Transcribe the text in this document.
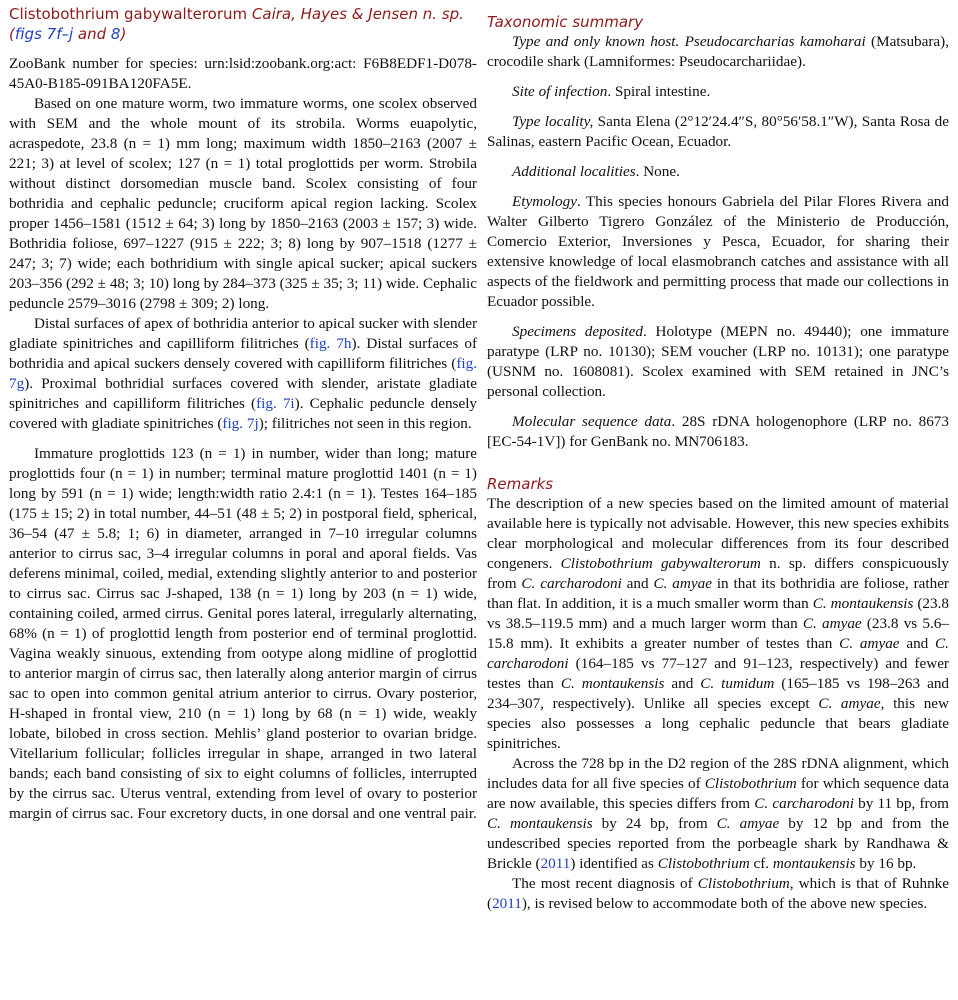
Clistobothrium gabywalterorum Caira, Hayes & Jensen n. sp.
(figs 7f–j and 8)

ZooBank number for species: urn:lsid:zoobank.org:act: F6B8EDF1-D078-45A0-B185-091BA120FA5E.

Based on one mature worm, two immature worms, one scolex observed with SEM and the whole mount of its strobila. Worms euapolytic, acraspedote, 23.8 (n = 1) mm long; maximum width 1850–2163 (2007 ± 221; 3) at level of scolex; 127 (n = 1) total proglottids per worm. Strobila without distinct dorsomedian muscle band. Scolex consisting of four bothridia and cephalic peduncle; cruciform apical region lacking. Scolex proper 1456–1581 (1512 ± 64; 3) long by 1850–2163 (2003 ± 157; 3) wide. Bothridia foliose, 697–1227 (915 ± 222; 3; 8) long by 907–1518 (1277 ± 247; 3; 7) wide; each bothridium with single apical sucker; apical suckers 203–356 (292 ± 48; 3; 10) long by 284–373 (325 ± 35; 3; 11) wide. Cephalic peduncle 2579–3016 (2798 ± 309; 2) long.

Distal surfaces of apex of bothridia anterior to apical sucker with slender gladiate spinitriches and capilliform filitriches (fig. 7h). Distal surfaces of bothridia and apical suckers densely covered with capilliform filitriches (fig. 7g). Proximal bothridial surfaces covered with slender, aristate gladiate spinitriches and capilliform filitriches (fig. 7i). Cephalic peduncle densely covered with gladiate spinitriches (fig. 7j); filitriches not seen in this region.

Immature proglottids 123 (n = 1) in number, wider than long; mature proglottids four (n = 1) in number; terminal mature proglottid 1401 (n = 1) long by 591 (n = 1) wide; length:width ratio 2.4:1 (n = 1). Testes 164–185 (175 ± 15; 2) in total number, 44–51 (48 ± 5; 2) in postporal field, spherical, 36–54 (47 ± 5.8; 1; 6) in diameter, arranged in 7–10 irregular columns anterior to cirrus sac, 3–4 irregular columns in poral and aporal fields. Vas deferens minimal, coiled, medial, extending slightly anterior to and posterior to cirrus sac. Cirrus sac J-shaped, 138 (n = 1) long by 203 (n = 1) wide, containing coiled, armed cirrus. Genital pores lateral, irregularly alternating, 68% (n = 1) of proglottid length from posterior end of terminal proglottid. Vagina weakly sinuous, extending from ootype along midline of proglottid to anterior margin of cirrus sac, then laterally along anterior margin of cirrus sac to open into common genital atrium anterior to cirrus. Ovary posterior, H-shaped in frontal view, 210 (n = 1) long by 68 (n = 1) wide, weakly lobate, bilobed in cross section. Mehlis’ gland posterior to ovarian bridge. Vitellarium follicular; follicles irregular in shape, arranged in two lateral bands; each band consisting of six to eight columns of follicles, interrupted by the cirrus sac. Uterus ventral, extending from level of ovary to posterior margin of cirrus sac. Four excretory ducts, in one dorsal and one ventral pair.

Taxonomic summary

Type and only known host. Pseudocarcharias kamoharai (Matsubara), crocodile shark (Lamniformes: Pseudocarchariidae).

Site of infection. Spiral intestine.

Type locality, Santa Elena (2°12′24.4″S, 80°56′58.1″W), Santa Rosa de Salinas, eastern Pacific Ocean, Ecuador.

Additional localities. None.

Etymology. This species honours Gabriela del Pilar Flores Rivera and Walter Gilberto Tigrero González of the Ministerio de Producción, Comercio Exterior, Inversiones y Pesca, Ecuador, for sharing their extensive knowledge of local elasmobranch catches and assistance with all aspects of the fieldwork and permitting process that made our collections in Ecuador possible.

Specimens deposited. Holotype (MEPN no. 49440); one immature paratype (LRP no. 10130); SEM voucher (LRP no. 10131); one paratype (USNM no. 1608081). Scolex examined with SEM retained in JNC’s personal collection.

Molecular sequence data. 28S rDNA hologenophore (LRP no. 8673 [EC-54-1V]) for GenBank no. MN706183.

Remarks

The description of a new species based on the limited amount of material available here is typically not advisable. However, this new species exhibits clear morphological and molecular differences from its four described congeners. Clistobothrium gabywalterorum n. sp. differs conspicuously from C. carcharodoni and C. amyae in that its bothridia are foliose, rather than flat. In addition, it is a much smaller worm than C. montaukensis (23.8 vs 38.5–119.5 mm) and a much larger worm than C. amyae (23.8 vs 5.6–15.8 mm). It exhibits a greater number of testes than C. amyae and C. carcharodoni (164–185 vs 77–127 and 91–123, respectively) and fewer testes than C. montaukensis and C. tumidum (165–185 vs 198–263 and 234–307, respectively). Unlike all species except C. amyae, this new species also possesses a long cephalic peduncle that bears gladiate spinitriches.

Across the 728 bp in the D2 region of the 28S rDNA alignment, which includes data for all five species of Clistobothrium for which sequence data are now available, this species differs from C. carcharodoni by 11 bp, from C. montaukensis by 24 bp, from C. amyae by 12 bp and from the undescribed species reported from the porbeagle shark by Randhawa & Brickle (2011) identified as Clistobothrium cf. montaukensis by 16 bp.

The most recent diagnosis of Clistobothrium, which is that of Ruhnke (2011), is revised below to accommodate both of the above new species.
